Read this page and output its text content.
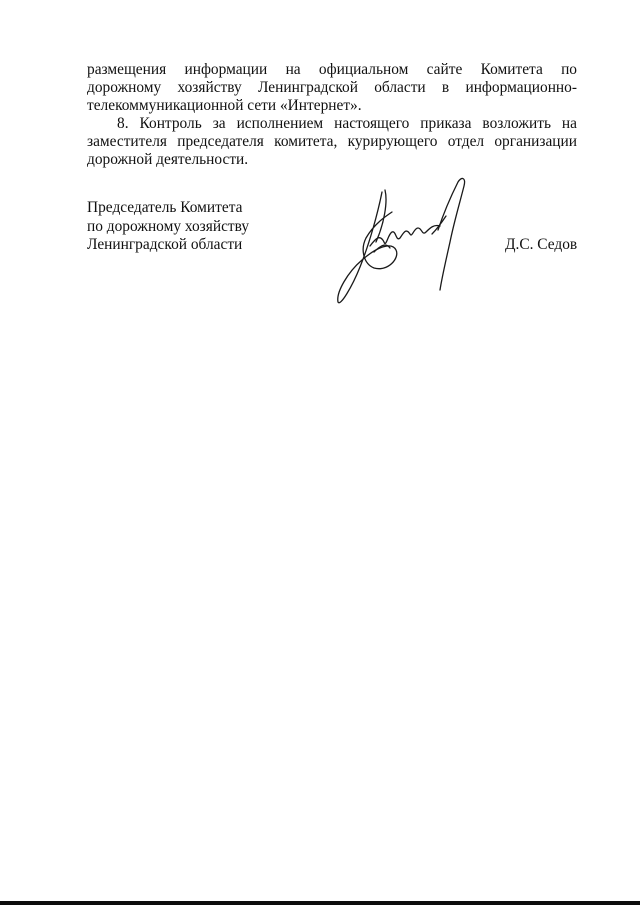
размещения информации на официальном сайте Комитета по
дорожному хозяйству Ленинградской области в информационно-
телекоммуникационной сети «Интернет».

8. Контроль за исполнением настоящего приказа возложить на
заместителя председателя комитета, курирующего отдел организации
дорожной деятельности.

Председатель Комитета
по дорожному хозяйству
Ленинградской области	Д.С. Седов
